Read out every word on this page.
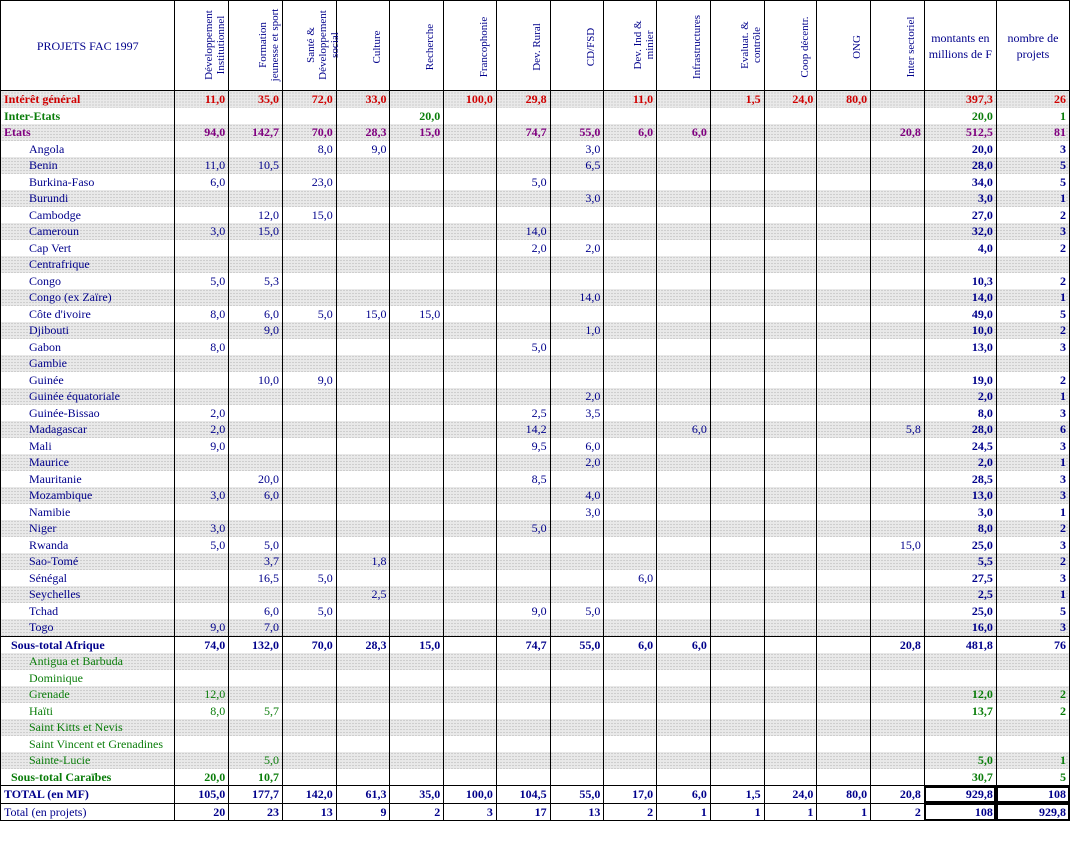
PROJETS FAC 1997	Développement Institutionnel	Formation jeunesse et sport	Santé & Développement social	Culture	Recherche	Francophonie	Dev. Rural	CD/FSD	Dev. Ind & minier	Infrastructures	Evaluat. & contrôle	Coop décentr.	ONG	Inter sectoriel	montants en millions de F	nombre de projets
Intérêt général	11,0	35,0	72,0	33,0		100,0	29,8		11,0		1,5	24,0	80,0		397,3	26
Inter-Etats					20,0										20,0	1
Etats	94,0	142,7	70,0	28,3	15,0		74,7	55,0	6,0	6,0				20,8	512,5	81
Angola			8,0	9,0				3,0							20,0	3
Benin	11,0	10,5						6,5							28,0	5
Burkina-Faso	6,0		23,0				5,0								34,0	5
Burundi								3,0							3,0	1
Cambodge		12,0	15,0												27,0	2
Cameroun	3,0	15,0					14,0								32,0	3
Cap Vert							2,0	2,0							4,0	2
Centrafrique																
Congo	5,0	5,3													10,3	2
Congo (ex Zaïre)								14,0							14,0	1
Côte d'ivoire	8,0	6,0	5,0	15,0	15,0										49,0	5
Djibouti		9,0						1,0							10,0	2
Gabon	8,0						5,0								13,0	3
Gambie																
Guinée		10,0	9,0												19,0	2
Guinée équatoriale								2,0							2,0	1
Guinée-Bissao	2,0						2,5	3,5							8,0	3
Madagascar	2,0						14,2			6,0				5,8	28,0	6
Mali	9,0						9,5	6,0							24,5	3
Maurice								2,0							2,0	1
Mauritanie		20,0					8,5								28,5	3
Mozambique	3,0	6,0						4,0							13,0	3
Namibie								3,0							3,0	1
Niger	3,0						5,0								8,0	2
Rwanda	5,0	5,0												15,0	25,0	3
Sao-Tomé		3,7		1,8											5,5	2
Sénégal		16,5	5,0						6,0						27,5	3
Seychelles				2,5											2,5	1
Tchad		6,0	5,0				9,0	5,0							25,0	5
Togo	9,0	7,0													16,0	3
Sous-total Afrique	74,0	132,0	70,0	28,3	15,0		74,7	55,0	6,0	6,0				20,8	481,8	76
Antigua et Barbuda																
Dominique																
Grenade	12,0														12,0	2
Haïti	8,0	5,7													13,7	2
Saint Kitts et Nevis																
Saint Vincent et Grenadines																
Sainte-Lucie		5,0													5,0	1
Sous-total Caraïbes	20,0	10,7													30,7	5
TOTAL (en MF)	105,0	177,7	142,0	61,3	35,0	100,0	104,5	55,0	17,0	6,0	1,5	24,0	80,0	20,8	929,8	108
Total (en projets)	20	23	13	9	2	3	17	13	2	1	1	1	1	2	108	929,8
